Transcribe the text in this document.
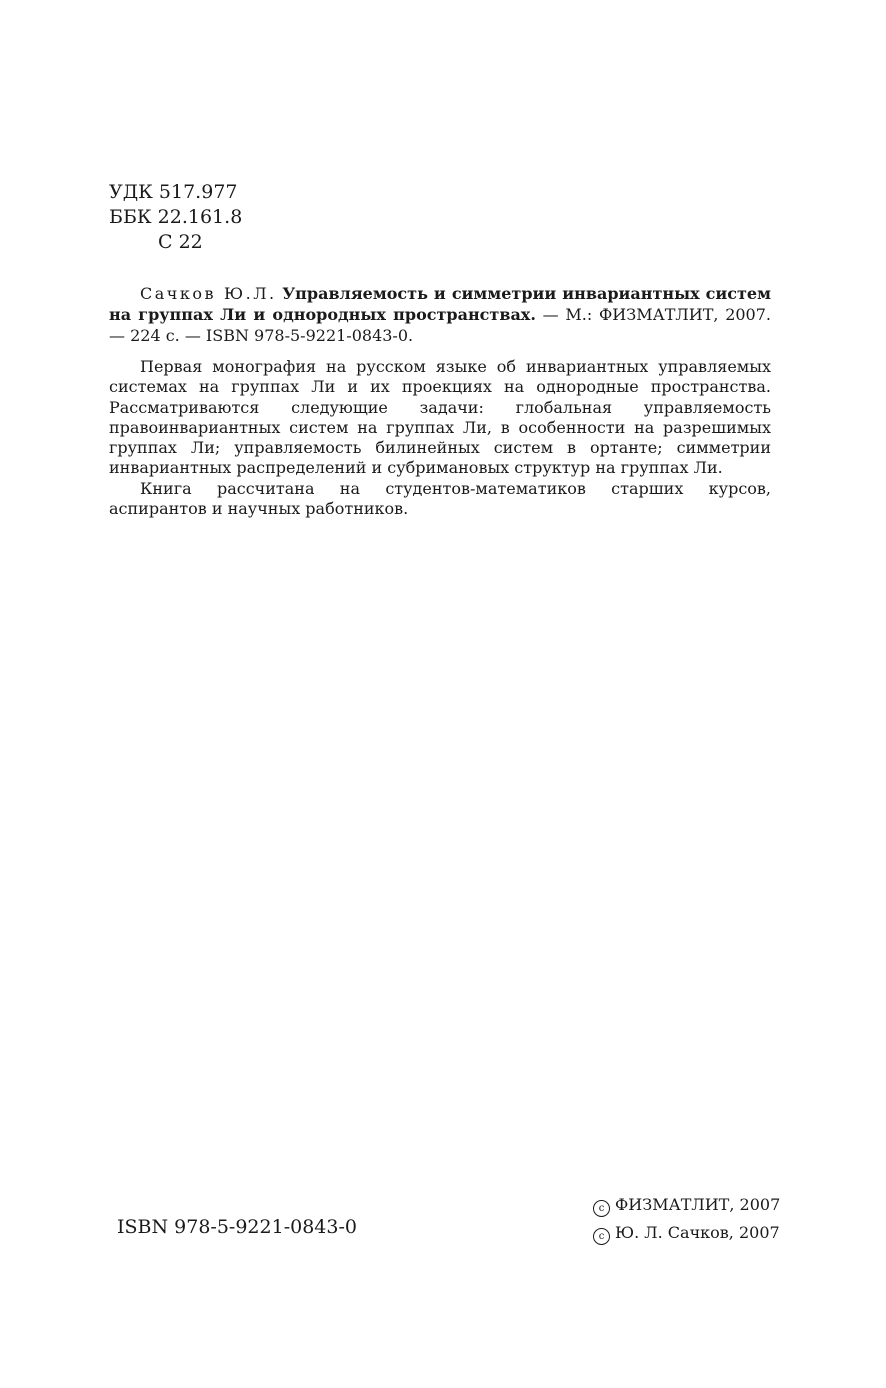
УДК 517.977
ББК 22.161.8
С 22
Сачков Ю.Л. Управляемость и симметрии инвариантных систем на группах Ли и однородных пространствах. — М.: ФИЗМАТЛИТ, 2007. — 224 с. — ISBN 978-5-9221-0843-0.

Первая монография на русском языке об инвариантных управляемых системах на группах Ли и их проекциях на однородные пространства. Рассматриваются следующие задачи: глобальная управляемость правоинвариантных систем на группах Ли, в особенности на разрешимых группах Ли; управляемость билинейных систем в ортанте; симметрии инвариантных распределений и субримановых структур на группах Ли.

Книга рассчитана на студентов-математиков старших курсов, аспирантов и научных работников.

ISBN 978-5-9221-0843-0
c ФИЗМАТЛИТ, 2007
c Ю. Л. Сачков, 2007
